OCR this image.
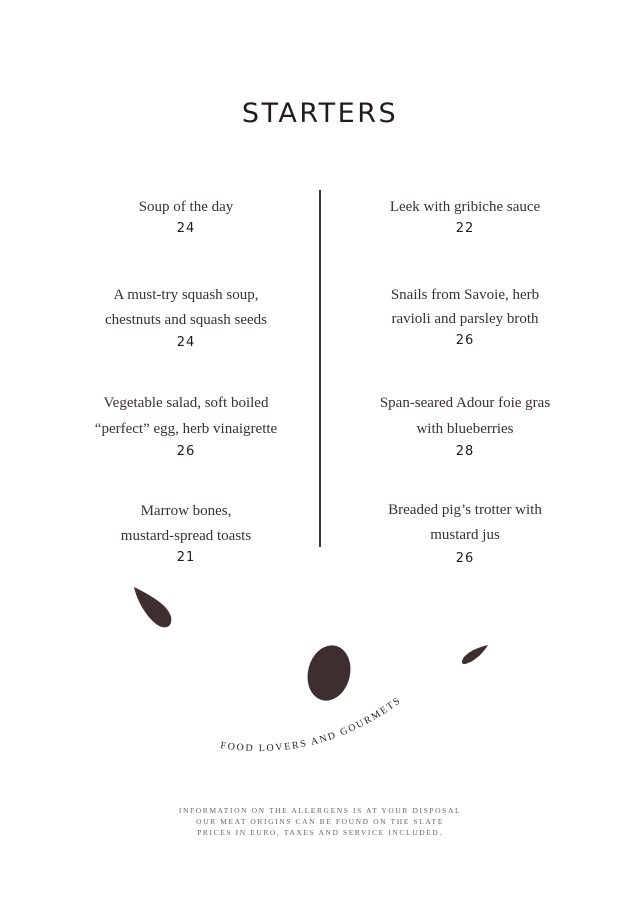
STARTERS
Soup of the day
24
A must-try squash soup,
chestnuts and squash seeds
24
Vegetable salad, soft boiled
“perfect” egg, herb vinaigrette
26
Marrow bones,
mustard-spread toasts
21
Leek with gribiche sauce
22
Snails from Savoie, herb
ravioli and parsley broth
26
Span-seared Adour foie gras
with blueberries
28
Breaded pig’s trotter with
mustard jus
26
FOOD LOVERS AND GOURMETS
INFORMATION ON THE ALLERGENS IS AT YOUR DISPOSAL
OUR MEAT ORIGINS CAN BE FOUND ON THE SLATE
PRICES IN EURO, TAXES AND SERVICE INCLUDED.
